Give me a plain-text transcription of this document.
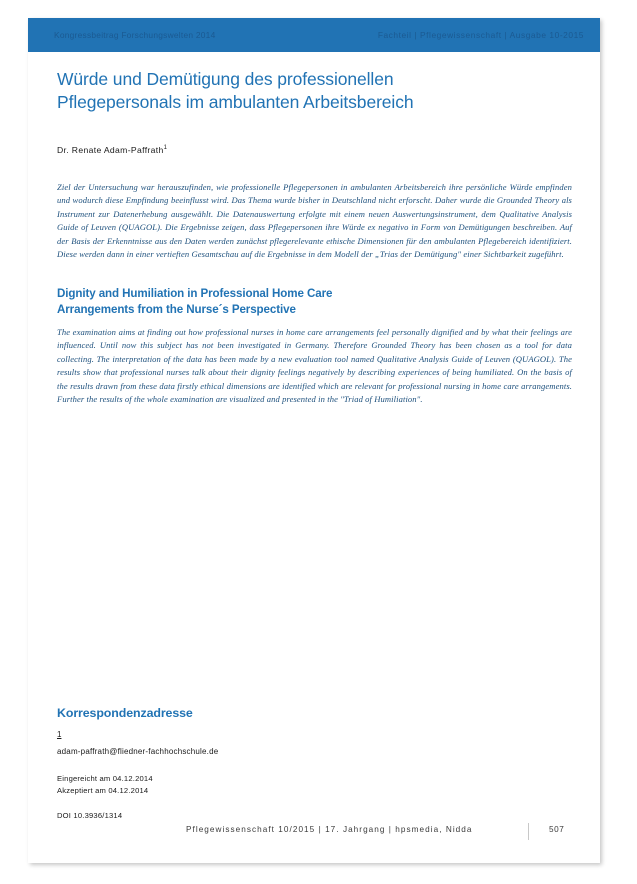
Kongressbeitrag Forschungswelten 2014	Fachteil | Pflegewissenschaft | Ausgabe 10-2015
Würde und Demütigung des professionellen Pflegepersonals im ambulanten Arbeitsbereich
Dr. Renate Adam-Paffrath$^1$
Ziel der Untersuchung war herauszufinden, wie professionelle Pflegepersonen in ambulanten Arbeitsbereich ihre persönliche Würde empfinden und wodurch diese Empfindung beeinflusst wird. Das Thema wurde bisher in Deutschland nicht erforscht. Daher wurde die Grounded Theory als Instrument zur Datenerhebung ausgewählt. Die Datenauswertung erfolgte mit einem neuen Auswertungsinstrument, dem Qualitative Analysis Guide of Leuven (QUAGOL). Die Ergebnisse zeigen, dass Pflegepersonen ihre Würde ex negativo in Form von Demütigungen beschreiben. Auf der Basis der Erkenntnisse aus den Daten werden zunächst pflegerelevante ethische Dimensionen für den ambulanten Pflegebereich identifiziert. Diese werden dann in einer vertieften Gesamtschau auf die Ergebnisse in dem Modell der „Trias der Demütigung" einer Sichtbarkeit zugeführt.
Dignity and Humiliation in Professional Home Care
Arrangements from the Nurse´s Perspective
The examination aims at finding out how professional nurses in home care arrangements feel personally dignified and by what their feelings are influenced. Until now this subject has not been investigated in Germany. Therefore Grounded Theory has been chosen as a tool for data collecting. The interpretation of the data has been made by a new evaluation tool named Qualitative Analysis Guide of Leuven (QUAGOL). The results show that professional nurses talk about their dignity feelings negatively by describing experiences of being humiliated. On the basis of the results drawn from these data firstly ethical dimensions are identified which are relevant for professional nursing in home care arrangements. Further the results of the whole examination are visualized and presented in the "Triad of Humiliation".
Korrespondenzadresse
1
adam-paffrath@fliedner-fachhochschule.de
Eingereicht am 04.12.2014
Akzeptiert am 04.12.2014
DOI 10.3936/1314
Pflegewissenschaft 10/2015 | 17. Jahrgang | hpsmedia, Nidda	507
